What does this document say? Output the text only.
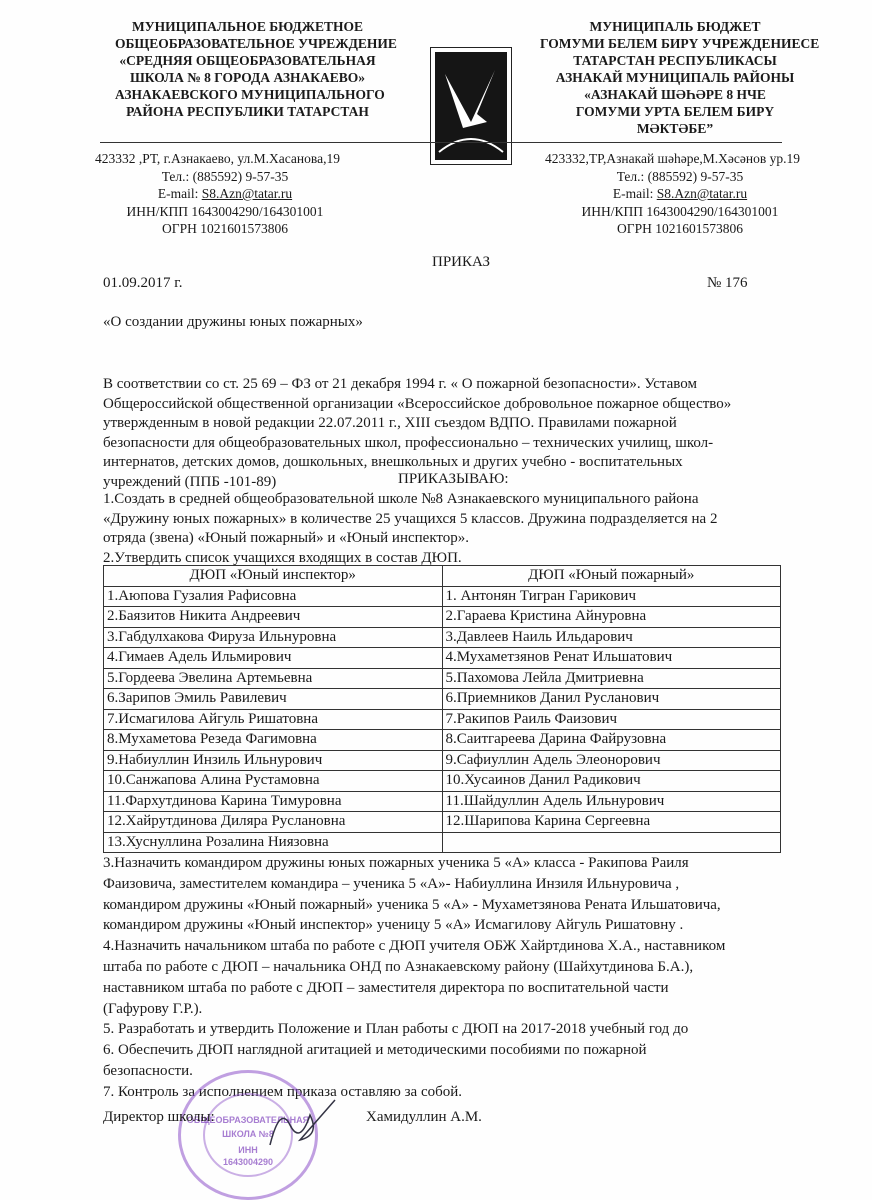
МУНИЦИПАЛЬНОЕ БЮДЖЕТНОЕ
ОБЩЕОБРАЗОВАТЕЛЬНОЕ УЧРЕЖДЕНИЕ
«СРЕДНЯЯ ОБЩЕОБРАЗОВАТЕЛЬНАЯ
ШКОЛА № 8 ГОРОДА АЗНАКАЕВО»
АЗНАКАЕВСКОГО МУНИЦИПАЛЬНОГО
РАЙОНА РЕСПУБЛИКИ ТАТАРСТАН
МУНИЦИПАЛЬ БЮДЖЕТ
ГОМУМИ БЕЛЕМ БИРҮ УЧРЕЖДЕНИЕСЕ
ТАТАРСТАН РЕСПУБЛИКАСЫ
АЗНАКАЙ МУНИЦИПАЛЬ РАЙОНЫ
«АЗНАКАЙ ШӘҺӘРЕ 8 НЧЕ
ГОМУМИ УРТА БЕЛЕМ БИРҮ
МӘКТӘБЕ”
423332 ,РТ, г.Азнакаево, ул.М.Хасанова,19
Тел.: (885592) 9-57-35
E-mail: S8.Azn@tatar.ru
ИНН/КПП 1643004290/164301001
ОГРН 1021601573806
423332,ТР,Азнакай шәһәре,М.Хәсәнов ур.19
Тел.: (885592) 9-57-35
E-mail: S8.Azn@tatar.ru
ИНН/КПП 1643004290/164301001
ОГРН 1021601573806
ПРИКАЗ
01.09.2017 г.	№ 176
«О создании дружины юных пожарных»
В соответствии со ст. 25 69 – ФЗ от 21 декабря 1994 г. « О пожарной безопасности». Уставом
Общероссийской общественной организации «Всероссийское добровольное пожарное общество»
утвержденным в новой редакции 22.07.2011 г., XIII съездом ВДПО. Правилами пожарной
безопасности для общеобразовательных школ, профессионально – технических училищ, школ-
интернатов, детских домов, дошкольных, внешкольных и других учебно - воспитательных
учреждений (ППБ -101-89)	ПРИКАЗЫВАЮ:
1.Создать в средней общеобразовательной школе №8 Азнакаевского муниципального района
«Дружину юных пожарных» в количестве 25 учащихся 5 классов. Дружина подразделяется на 2
отряда (звена) «Юный пожарный» и «Юный инспектор».
2.Утвердить список учащихся входящих в состав ДЮП.
ДЮП «Юный инспектор»	ДЮП «Юный пожарный»
1.Аюпова Гузалия Рафисовна	1. Антонян Тигран Гарикович
2.Баязитов Никита Андреевич	2.Гараева Кристина Айнуровна
3.Габдулхакова Фируза Ильнуровна	3.Давлеев Наиль Ильдарович
4.Гимаев Адель Ильмирович	4.Мухаметзянов Ренат Ильшатович
5.Гордеева Эвелина Артемьевна	5.Пахомова Лейла Дмитриевна
6.Зарипов Эмиль Равилевич	6.Приемников Данил Русланович
7.Исмагилова Айгуль Ришатовна	7.Ракипов Раиль Фаизович
8.Мухаметова Резеда Фагимовна	8.Саитгареева Дарина Файрузовна
9.Набиуллин Инзиль Ильнурович	9.Сафиуллин Адель Элеонорович
10.Санжапова Алина Рустамовна	10.Хусаинов Данил Радикович
11.Фархутдинова Карина Тимуровна	11.Шайдуллин Адель Ильнурович
12.Хайрутдинова Диляра Руслановна	12.Шарипова Карина Сергеевна
13.Хуснуллина Розалина Ниязовна	
3.Назначить командиром дружины юных пожарных ученика 5 «А» класса - Ракипова Раиля
Фаизовича, заместителем командира – ученика 5 «А»- Набиуллина Инзиля Ильнуровича ,
командиром дружины «Юный пожарный» ученика 5 «А» - Мухаметзянова Рената Ильшатовича,
командиром дружины «Юный инспектор» ученицу 5 «А» Исмагилову Айгуль Ришатовну .
4.Назначить начальником штаба по работе с ДЮП учителя ОБЖ Хайртдинова Х.А., наставником
штаба по работе с ДЮП – начальника ОНД по Азнакаевскому району (Шайхутдинова Б.А.),
наставником штаба по работе с ДЮП – заместителя директора по воспитательной части
(Гафурову Г.Р.).
5. Разработать и утвердить Положение и План работы с ДЮП на 2017-2018 учебный год до
6. Обеспечить ДЮП наглядной агитацией и методическими пособиями по пожарной
безопасности.
7. Контроль за исполнением приказа оставляю за собой.
ОБЩЕОБРАЗОВАТЕЛЬНАЯ
ШКОЛА №8
ИНН
1643004290
Директор школы:	Хамидуллин А.М.
